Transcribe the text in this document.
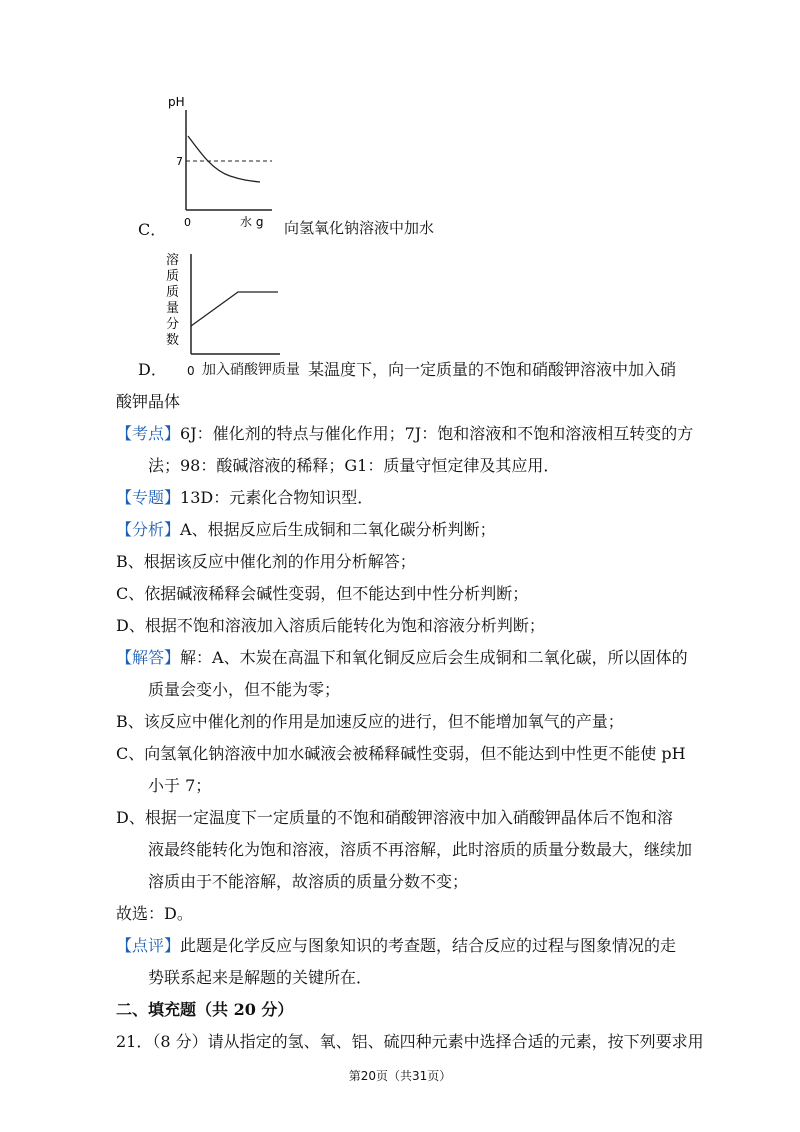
pH
7
0	水 g
C．	向氢氧化钠溶液中加水
溶
质
质
量
分
数
0
D．	加入硝酸钾质量 某温度下，向一定质量的不饱和硝酸钾溶液中加入硝
酸钾晶体
【考点】6J：催化剂的特点与催化作用；7J：饱和溶液和不饱和溶液相互转变的方
法；98：酸碱溶液的稀释；G1：质量守恒定律及其应用．
【专题】13D：元素化合物知识型．
【分析】A、根据反应后生成铜和二氧化碳分析判断；
B、根据该反应中催化剂的作用分析解答；
C、依据碱液稀释会碱性变弱，但不能达到中性分析判断；
D、根据不饱和溶液加入溶质后能转化为饱和溶液分析判断；
【解答】解：A、木炭在高温下和氧化铜反应后会生成铜和二氧化碳，所以固体的
质量会变小，但不能为零；
B、该反应中催化剂的作用是加速反应的进行，但不能增加氧气的产量；
C、向氢氧化钠溶液中加水碱液会被稀释碱性变弱，但不能达到中性更不能使 pH
小于 7；
D、根据一定温度下一定质量的不饱和硝酸钾溶液中加入硝酸钾晶体后不饱和溶
液最终能转化为饱和溶液，溶质不再溶解，此时溶质的质量分数最大，继续加
溶质由于不能溶解，故溶质的质量分数不变；
故选：D。
【点评】此题是化学反应与图象知识的考查题，结合反应的过程与图象情况的走
势联系起来是解题的关键所在．
二、填充题（共 20 分）
21．（8 分）请从指定的氢、氧、铝、硫四种元素中选择合适的元素，按下列要求用
第20页（共31页）
